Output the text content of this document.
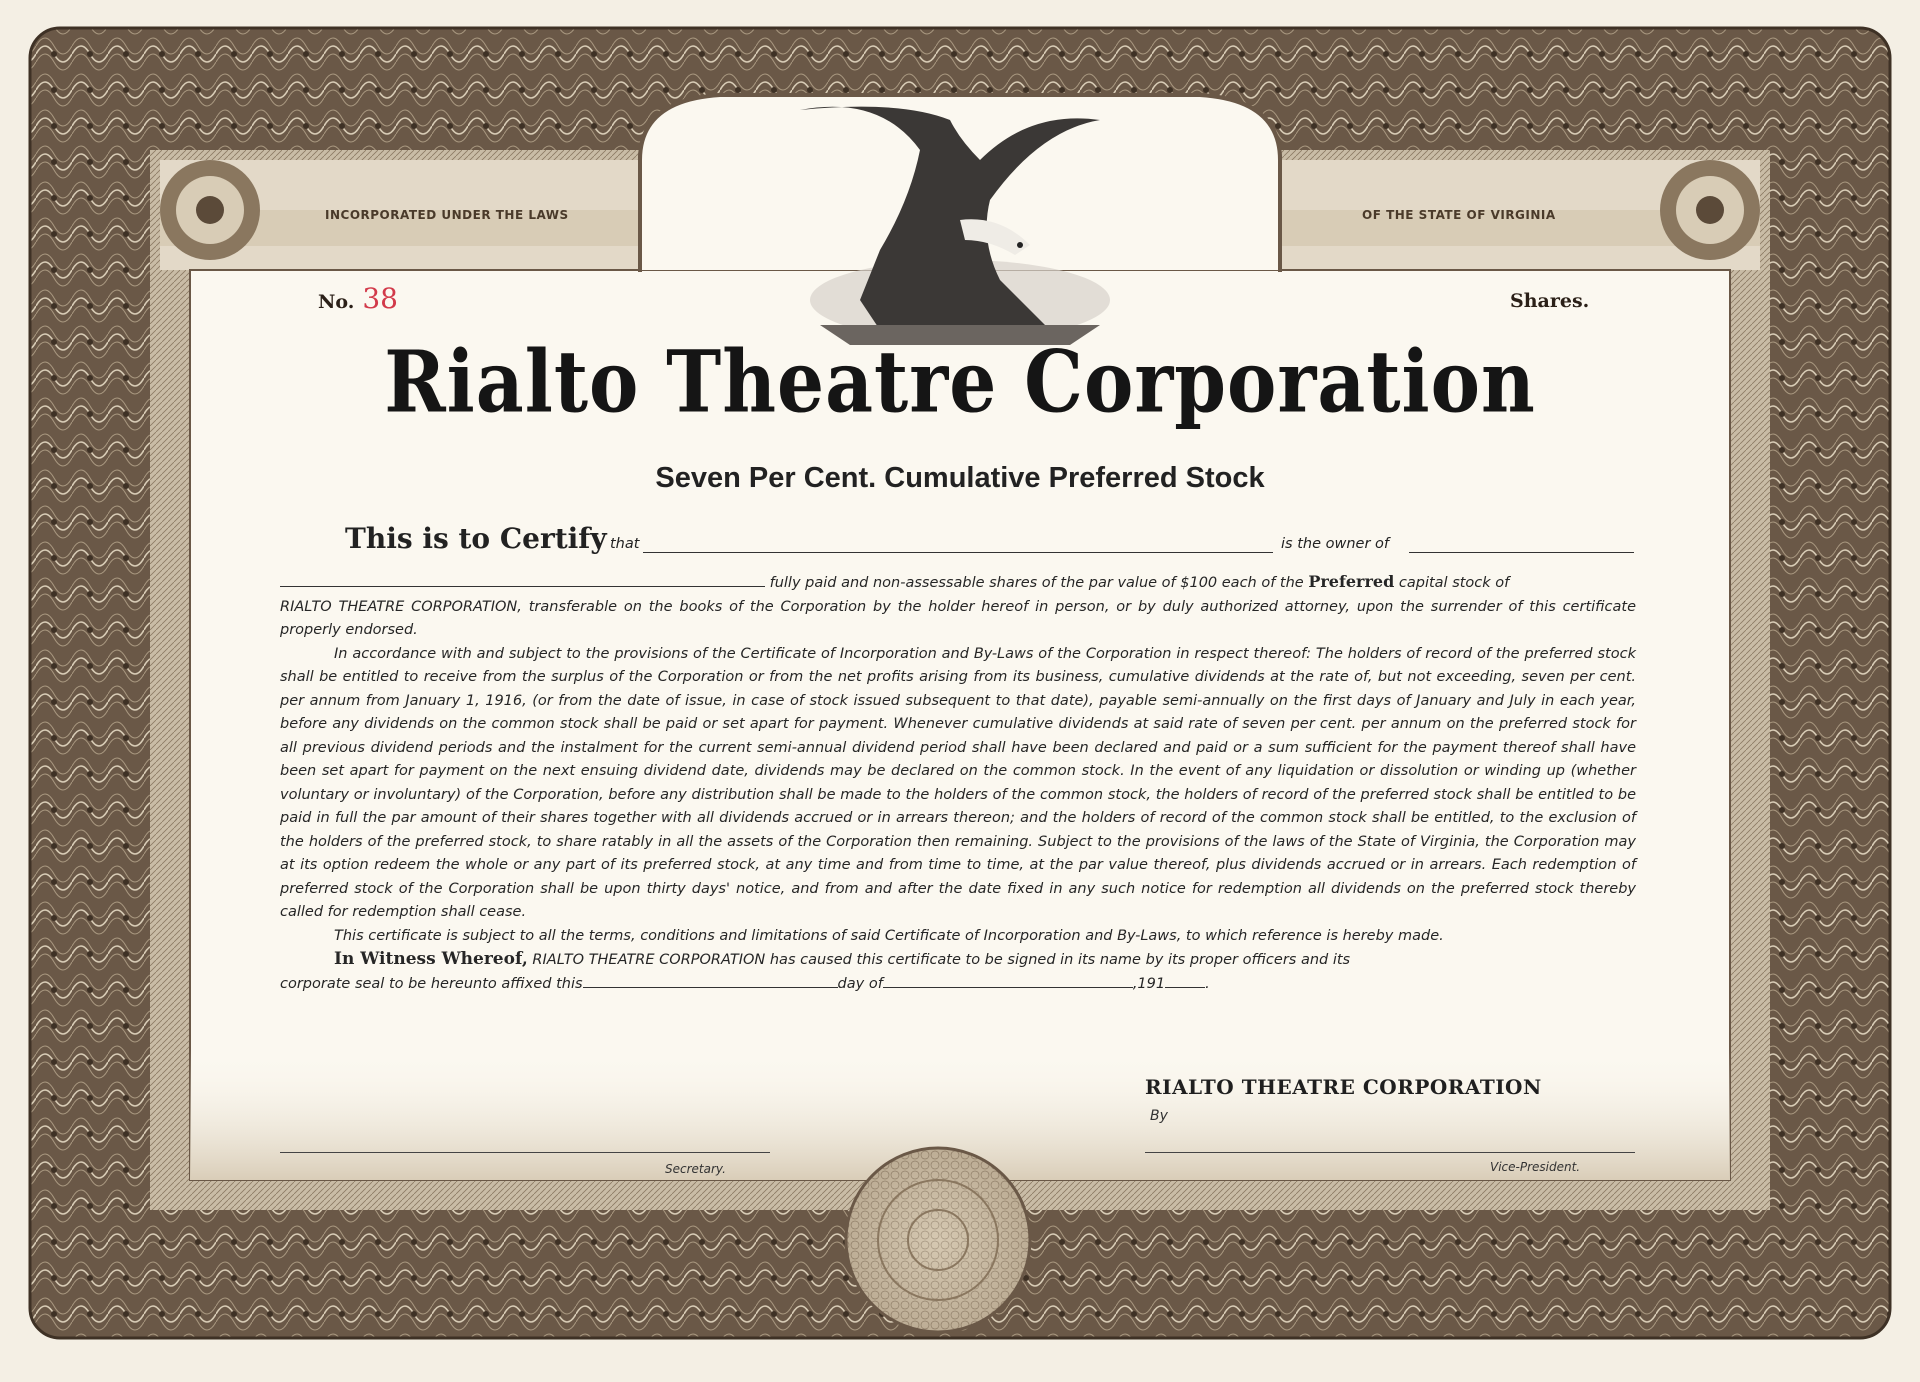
INCORPORATED UNDER THE LAWS	OF THE STATE OF VIRGINIA
No. 38	Shares.
Rialto Theatre Corporation
Seven Per Cent. Cumulative Preferred Stock
This is to Certify that	is the owner of

fully paid and non-assessable shares of the par value of $100 each of the Preferred capital stock of

RIALTO THEATRE CORPORATION, transferable on the books of the Corporation by the holder hereof in person, or by duly authorized attorney, upon the surrender of this certificate properly endorsed.

In accordance with and subject to the provisions of the Certificate of Incorporation and By-Laws of the Corporation in respect thereof: The holders of record of the preferred stock shall be entitled to receive from the surplus of the Corporation or from the net profits arising from its business, cumulative dividends at the rate of, but not exceeding, seven per cent. per annum from January 1, 1916, (or from the date of issue, in case of stock issued subsequent to that date), payable semi-annually on the first days of January and July in each year, before any dividends on the common stock shall be paid or set apart for payment. Whenever cumulative dividends at said rate of seven per cent. per annum on the preferred stock for all previous dividend periods and the instalment for the current semi-annual dividend period shall have been declared and paid or a sum sufficient for the payment thereof shall have been set apart for payment on the next ensuing dividend date, dividends may be declared on the common stock. In the event of any liquidation or dissolution or winding up (whether voluntary or involuntary) of the Corporation, before any distribution shall be made to the holders of the common stock, the holders of record of the preferred stock shall be entitled to be paid in full the par amount of their shares together with all dividends accrued or in arrears thereon; and the holders of record of the common stock shall be entitled, to the exclusion of the holders of the preferred stock, to share ratably in all the assets of the Corporation then remaining. Subject to the provisions of the laws of the State of Virginia, the Corporation may at its option redeem the whole or any part of its preferred stock, at any time and from time to time, at the par value thereof, plus dividends accrued or in arrears. Each redemption of preferred stock of the Corporation shall be upon thirty days' notice, and from and after the date fixed in any such notice for redemption all dividends on the preferred stock thereby called for redemption shall cease.

This certificate is subject to all the terms, conditions and limitations of said Certificate of Incorporation and By-Laws, to which reference is hereby made.

In Witness Whereof, RIALTO THEATRE CORPORATION has caused this certificate to be signed in its name by its proper officers and its

corporate seal to be hereunto affixed this	day of	,191	.

RIALTO THEATRE CORPORATION
By
Secretary.	Vice-President.
